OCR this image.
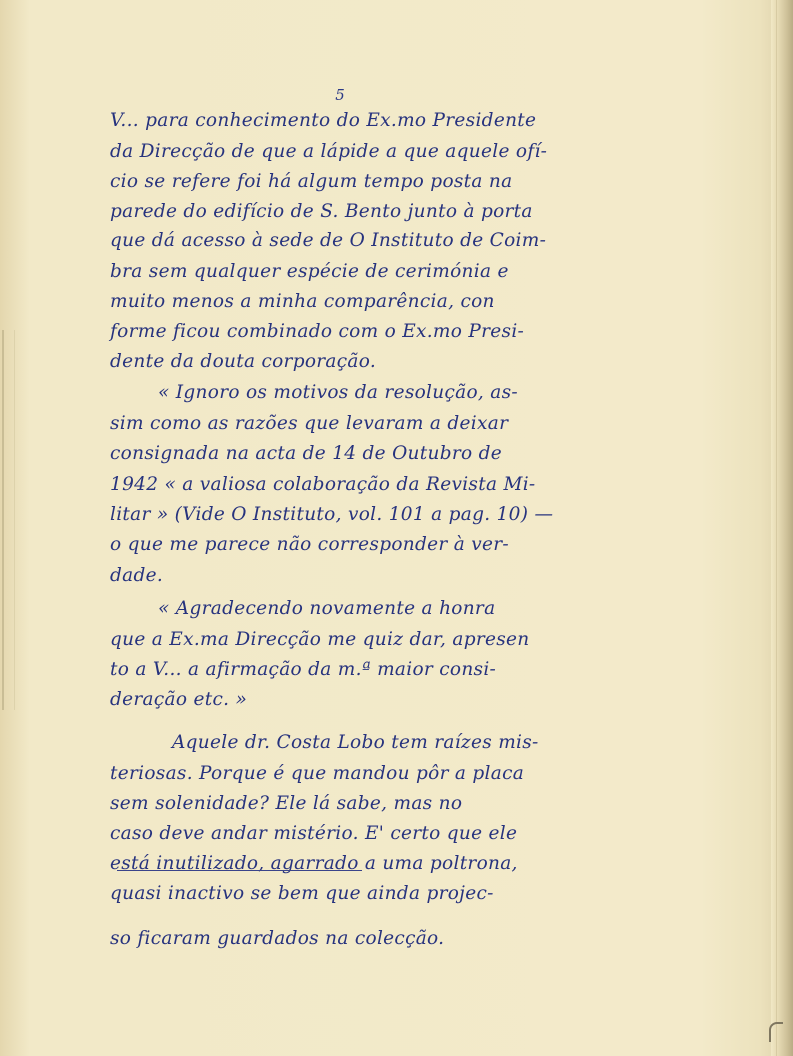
5
V... para conhecimento do Ex.mo Presidente
da Direcção de que a lápide a que aquele ofí-
cio se refere foi há algum tempo posta na
parede do edifício de S. Bento junto à porta
que dá acesso à sede de O Instituto de Coim-
bra sem qualquer espécie de cerimónia e
muito menos a minha comparência, con
forme ficou combinado com o Ex.mo Presi-
dente da douta corporação.
« Ignoro os motivos da resolução, as-
sim como as razões que levaram a deixar
consignada na acta de 14 de Outubro de
1942 « a valiosa colaboração da Revista Mi-
litar » (Vide O Instituto, vol. 101 a pag. 10) —
o que me parece não corresponder à ver-
dade.
« Agradecendo novamente a honra
que a Ex.ma Direcção me quiz dar, apresen
to a V... a afirmação da m.ª maior consi-
deração etc. »
Aquele dr. Costa Lobo tem raízes mis-
teriosas. Porque é que mandou pôr a placa
sem solenidade? Ele lá sabe, mas no
caso deve andar mistério. E' certo que ele
está inutilizado, agarrado a uma poltrona,
quasi inactivo se bem que ainda projec-
so ficaram guardados na colecção.
